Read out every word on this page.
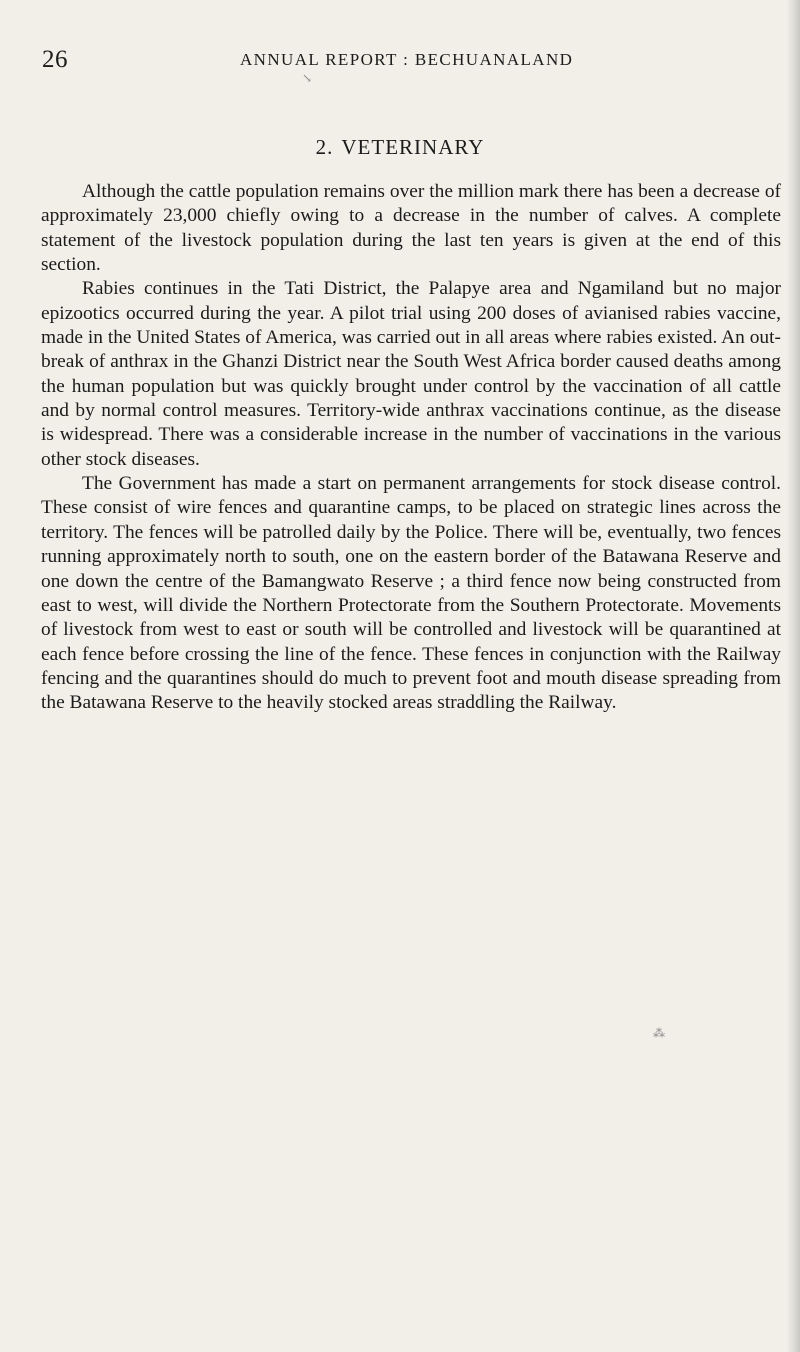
26	ANNUAL REPORT : BECHUANALAND
↘
2. VETERINARY

Although the cattle population remains over the million mark there has been a decrease of approximately 23,000 chiefly owing to a decrease in the number of calves. A complete statement of the livestock population during the last ten years is given at the end of this section.

Rabies continues in the Tati District, the Palapye area and Ngamiland but no major epizootics occurred during the year. A pilot trial using 200 doses of avianised rabies vaccine, made in the United States of America, was carried out in all areas where rabies existed. An outbreak of anthrax in the Ghanzi District near the South West Africa border caused deaths among the human population but was quickly brought under control by the vaccination of all cattle and by normal control measures. Territory-wide anthrax vaccinations continue, as the disease is widespread. There was a considerable increase in the number of vaccinations in the various other stock diseases.

The Government has made a start on permanent arrangements for stock disease control. These consist of wire fences and quarantine camps, to be placed on strategic lines across the territory. The fences will be patrolled daily by the Police. There will be, eventually, two fences running approximately north to south, one on the eastern border of the Batawana Reserve and one down the centre of the Bamangwato Reserve ; a third fence now being constructed from east to west, will divide the Northern Protectorate from the Southern Protectorate. Movements of livestock from west to east or south will be controlled and livestock will be quarantined at each fence before crossing the line of the fence. These fences in conjunction with the Railway fencing and the quarantines should do much to prevent foot and mouth disease spreading from the Batawana Reserve to the heavily stocked areas straddling the Railway.

⁂
